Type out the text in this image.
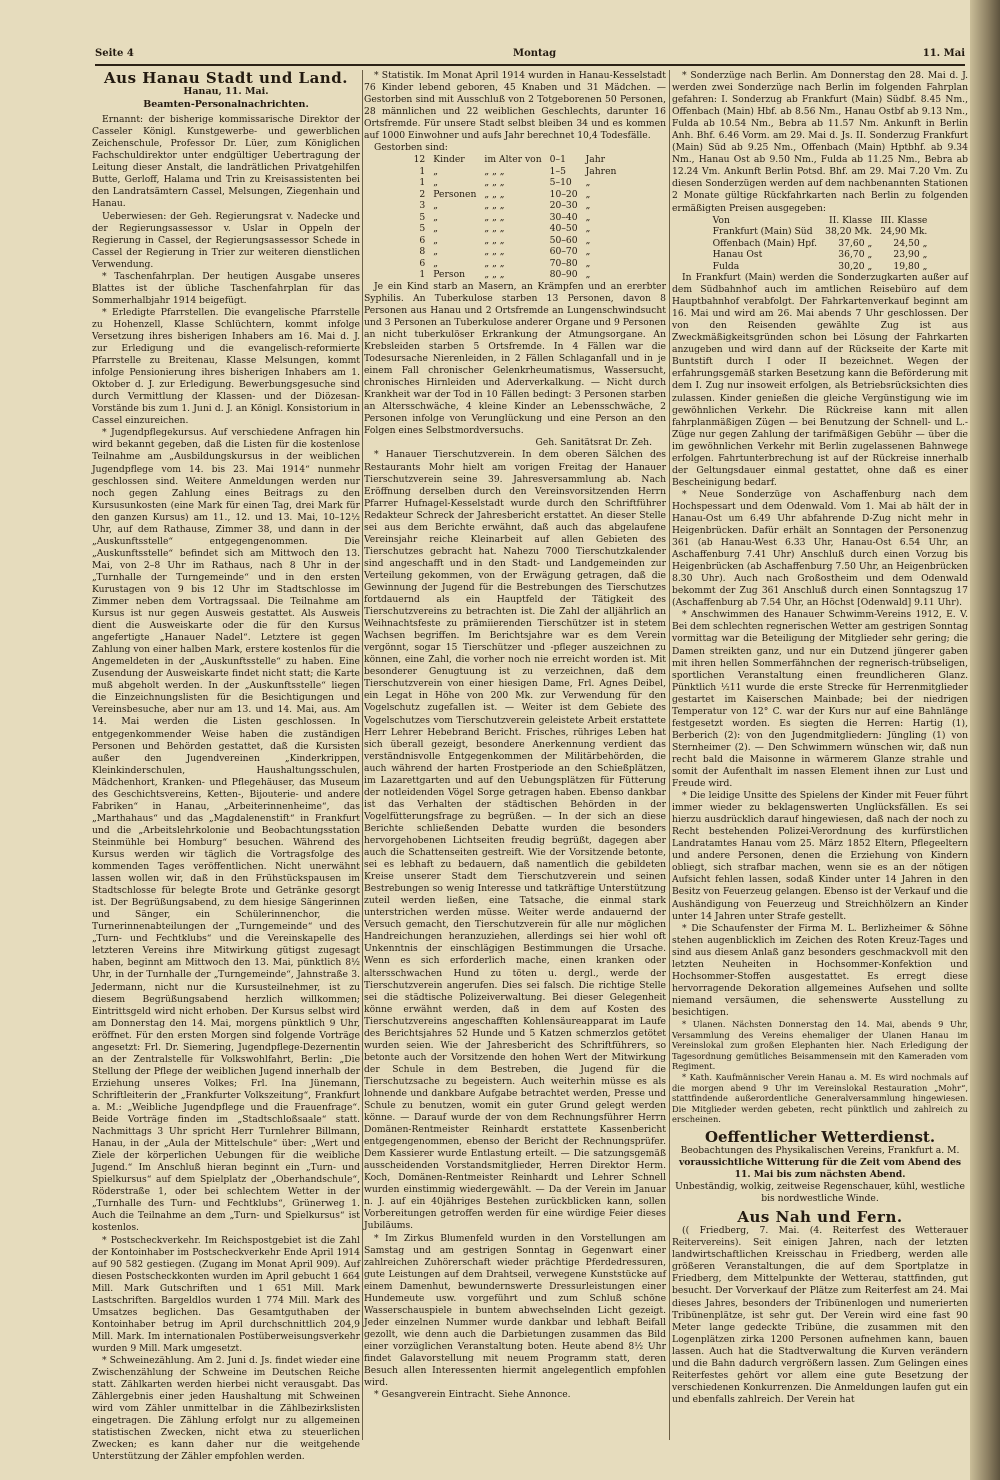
Seite 4	Montag	11. Mai
Aus Hanau Stadt und Land.
Hanau, 11. Mai.
Beamten-Personalnachrichten.

Ernannt: der bisherige kommissarische Direktor der Casseler Königl. Kunstgewerbe- und gewerblichen Zeichenschule, Professor Dr. Lüer, zum Königlichen Fachschuldirektor unter endgültiger Uebertragung der Leitung dieser Anstalt, die landrätlichen Privatgehilfen Butte, Gerloff, Halama und Trin zu Kreisassistenten bei den Landratsämtern Cassel, Melsungen, Ziegenhain und Hanau.

Ueberwiesen: der Geh. Regierungsrat v. Nadecke und der Regierungsassessor v. Uslar in Oppeln der Regierung in Cassel, der Regierungsassessor Schede in Cassel der Regierung in Trier zur weiteren dienstlichen Verwendung.

* Taschenfahrplan. Der heutigen Ausgabe unseres Blattes ist der übliche Taschenfahrplan für das Sommerhalbjahr 1914 beigefügt.

* Erledigte Pfarrstellen. Die evangelische Pfarrstelle zu Hohenzell, Klasse Schlüchtern, kommt infolge Versetzung ihres bisherigen Inhabers am 16. Mai d. J. zur Erledigung und die evangelisch-reformierte Pfarrstelle zu Breitenau, Klasse Melsungen, kommt infolge Pensionierung ihres bisherigen Inhabers am 1. Oktober d. J. zur Erledigung. Bewerbungsgesuche sind durch Vermittlung der Klassen- und der Diözesan-Vorstände bis zum 1. Juni d. J. an Königl. Konsistorium in Cassel einzureichen.

* Jugendpflegekursus. Auf verschiedene Anfragen hin wird bekannt gegeben, daß die Listen für die kostenlose Teilnahme am „Ausbildungskursus in der weiblichen Jugendpflege vom 14. bis 23. Mai 1914“ nunmehr geschlossen sind. Weitere Anmeldungen werden nur noch gegen Zahlung eines Beitrags zu den Kursusunkosten (eine Mark für einen Tag, drei Mark für den ganzen Kursus) am 11., 12. und 13. Mai, 10–12½ Uhr, auf dem Rathause, Zimmer 38, und dann in der „Auskunftsstelle“ entgegengenommen. Die „Auskunftsstelle“ befindet sich am Mittwoch den 13. Mai, von 2–8 Uhr im Rathaus, nach 8 Uhr in der „Turnhalle der Turngemeinde“ und in den ersten Kurustagen von 9 bis 12 Uhr im Stadtschlosse im Zimmer neben dem Vortragssaal. Die Teilnahme am Kursus ist nur gegen Ausweis gestattet. Als Ausweis dient die Ausweiskarte oder die für den Kursus angefertigte „Hanauer Nadel“. Letztere ist gegen Zahlung von einer halben Mark, erstere kostenlos für die Angemeldeten in der „Auskunftsstelle“ zu haben. Eine Zusendung der Ausweiskarte findet nicht statt; die Karte muß abgeholt werden. In der „Auskunftsstelle“ liegen die Einzeichnungslisten für die Besichtigungen und Vereinsbesuche, aber nur am 13. und 14. Mai, aus. Am 14. Mai werden die Listen geschlossen. In entgegenkommender Weise haben die zuständigen Personen und Behörden gestattet, daß die Kursisten außer den Jugendvereinen „Kinderkrippen, Kleinkinderschulen, Haushaltungsschulen, Mädchenhort, Kranken- und Pflegehäuser, das Museum des Geschichtsvereins, Ketten-, Bijouterie- und andere Fabriken“ in Hanau, „Arbeiterinnenheime“, das „Marthahaus“ und das „Magdalenenstift“ in Frankfurt und die „Arbeitslehrkolonie und Beobachtungsstation Steinmühle bei Homburg“ besuchen. Während des Kursus werden wir täglich die Vortragsfolge des kommenden Tages veröffentlichen. Nicht unerwähnt lassen wollen wir, daß in den Frühstückspausen im Stadtschlosse für belegte Brote und Getränke gesorgt ist. Der Begrüßungsabend, zu dem hiesige Sängerinnen und Sänger, ein Schülerinnenchor, die Turnerinnenabteilungen der „Turngemeinde“ und des „Turn- und Fechtklubs“ und die Vereinskapelle des letzteren Vereins ihre Mitwirkung gütigst zugesagt haben, beginnt am Mittwoch den 13. Mai, pünktlich 8½ Uhr, in der Turnhalle der „Turngemeinde“, Jahnstraße 3. Jedermann, nicht nur die Kursusteilnehmer, ist zu diesem Begrüßungsabend herzlich willkommen; Eintrittsgeld wird nicht erhoben. Der Kursus selbst wird am Donnerstag den 14. Mai, morgens pünktlich 9 Uhr, eröffnet. Für den ersten Morgen sind folgende Vorträge angesetzt: Frl. Dr. Siemering, Jugendpflege-Dezernentin an der Zentralstelle für Volkswohlfahrt, Berlin: „Die Stellung der Pflege der weiblichen Jugend innerhalb der Erziehung unseres Volkes; Frl. Ina Jünemann, Schriftleiterin der „Frankfurter Volkszeitung“, Frankfurt a. M.: „Weibliche Jugendpflege und die Frauenfrage“. Beide Vorträge finden im „Stadtschloßsaale“ statt. Nachmittags 3 Uhr spricht Herr Turnlehrer Billmann, Hanau, in der „Aula der Mittelschule“ über: „Wert und Ziele der körperlichen Uebungen für die weibliche Jugend.“ Im Anschluß hieran beginnt ein „Turn- und Spielkursus“ auf dem Spielplatz der „Oberhandschule“, Röderstraße 1, oder bei schlechtem Wetter in der „Turnhalle des Turn- und Fechtklubs“, Grünerweg 1. Auch die Teilnahme an dem „Turn- und Spielkursus“ ist kostenlos.

* Postscheckverkehr. Im Reichspostgebiet ist die Zahl der Kontoinhaber im Postscheckverkehr Ende April 1914 auf 90 582 gestiegen. (Zugang im Monat April 909). Auf diesen Postscheckkonten wurden im April gebucht 1 664 Mill. Mark Gutschriften und 1 651 Mill. Mark Lastschriften. Bargeldlos wurden 1 774 Mill. Mark des Umsatzes beglichen. Das Gesamtguthaben der Kontoinhaber betrug im April durchschnittlich 204,9 Mill. Mark. Im internationalen Postüberweisungsverkehr wurden 9 Mill. Mark umgesetzt.

* Schweinezählung. Am 2. Juni d. Js. findet wieder eine Zwischenzählung der Schweine im Deutschen Reiche statt. Zählkarten werden hierbei nicht verausgabt. Das Zählergebnis einer jeden Haushaltung mit Schweinen wird vom Zähler unmittelbar in die Zählbezirkslisten eingetragen. Die Zählung erfolgt nur zu allgemeinen statistischen Zwecken, nicht etwa zu steuerlichen Zwecken; es kann daher nur die weitgehende Unterstützung der Zähler empfohlen werden.

* Statistik. Im Monat April 1914 wurden in Hanau-Kesselstadt 76 Kinder lebend geboren, 45 Knaben und 31 Mädchen. — Gestorben sind mit Ausschluß von 2 Totgeborenen 50 Personen, 28 männlichen und 22 weiblichen Geschlechts, darunter 16 Ortsfremde. Für unsere Stadt selbst bleiben 34 und es kommen auf 1000 Einwohner und aufs Jahr berechnet 10,4 Todesfälle.

Gestorben sind:

12	Kinder	im Alter von	0–1	Jahr
1	„	„ „ „	1–5	Jahren
1	„	„ „ „	5–10	„
2	Personen	„ „ „	10–20	„
3	„	„ „ „	20–30	„
5	„	„ „ „	30–40	„
5	„	„ „ „	40–50	„
6	„	„ „ „	50–60	„
8	„	„ „ „	60–70	„
6	„	„ „ „	70–80	„
1	Person	„ „ „	80–90	„

Je ein Kind starb an Masern, an Krämpfen und an ererbter Syphilis. An Tuberkulose starben 13 Personen, davon 8 Personen aus Hanau und 2 Ortsfremde an Lungenschwindsucht und 3 Personen an Tuberkulose anderer Organe und 9 Personen an nicht tuberkulöser Erkrankung der Atmungsorgane. An Krebsleiden starben 5 Ortsfremde. In 4 Fällen war die Todesursache Nierenleiden, in 2 Fällen Schlaganfall und in je einem Fall chronischer Gelenkrheumatismus, Wassersucht, chronisches Hirnleiden und Aderverkalkung. — Nicht durch Krankheit war der Tod in 10 Fällen bedingt: 3 Personen starben an Altersschwäche, 4 kleine Kinder an Lebensschwäche, 2 Personen infolge von Verunglückung und eine Person an den Folgen eines Selbstmordversuchs.

Geh. Sanitätsrat Dr. Zeh.

* Hanauer Tierschutzverein. In dem oberen Sälchen des Restaurants Mohr hielt am vorigen Freitag der Hanauer Tierschutzverein seine 39. Jahresversammlung ab. Nach Eröffnung derselben durch den Vereinsvorsitzenden Herrn Pfarrer Hufnagel-Kesselstadt wurde durch den Schriftführer Redakteur Schreck der Jahresbericht erstattet. An dieser Stelle sei aus dem Berichte erwähnt, daß auch das abgelaufene Vereinsjahr reiche Kleinarbeit auf allen Gebieten des Tierschutzes gebracht hat. Nahezu 7000 Tierschutzkalender sind angeschafft und in den Stadt- und Landgemeinden zur Verteilung gekommen, von der Erwägung getragen, daß die Gewinnung der Jugend für die Bestrebungen des Tierschutzes fortdauernd als ein Hauptfeld der Tätigkeit des Tierschutzvereins zu betrachten ist. Die Zahl der alljährlich an Weihnachtsfeste zu prämiierenden Tierschützer ist in stetem Wachsen begriffen. Im Berichtsjahre war es dem Verein vergönnt, sogar 15 Tierschützer und -pfleger auszeichnen zu können, eine Zahl, die vorher noch nie erreicht worden ist. Mit besonderer Genugtuung ist zu verzeichnen, daß dem Tierschutzverein von einer hiesigen Dame, Frl. Agnes Deibel, ein Legat in Höhe von 200 Mk. zur Verwendung für den Vogelschutz zugefallen ist. — Weiter ist dem Gebiete des Vogelschutzes vom Tierschutzverein geleistete Arbeit erstattete Herr Lehrer Hebebrand Bericht. Frisches, rühriges Leben hat sich überall gezeigt, besondere Anerkennung verdient das verständnisvolle Entgegenkommen der Militärbehörden, die auch während der harten Frostperiode an den Schießplätzen, im Lazarettgarten und auf den Uebungsplätzen für Fütterung der notleidenden Vögel Sorge getragen haben. Ebenso dankbar ist das Verhalten der städtischen Behörden in der Vogelfütterungsfrage zu begrüßen. — In der sich an diese Berichte schließenden Debatte wurden die besonders hervorgehobenen Lichtseiten freudig begrüßt, dagegen aber auch die Schattenseiten gestreift. Wie der Vorsitzende betonte, sei es lebhaft zu bedauern, daß namentlich die gebildeten Kreise unserer Stadt dem Tierschutzverein und seinen Bestrebungen so wenig Interesse und tatkräftige Unterstützung zuteil werden ließen, eine Tatsache, die einmal stark unterstrichen werden müsse. Weiter werde andauernd der Versuch gemacht, den Tierschutzverein für alle nur möglichen Handreichungen heranzuziehen, allerdings sei hier wohl oft Unkenntnis der einschlägigen Bestimmungen die Ursache. Wenn es sich erforderlich mache, einen kranken oder altersschwachen Hund zu töten u. dergl., werde der Tierschutzverein angerufen. Dies sei falsch. Die richtige Stelle sei die städtische Polizeiverwaltung. Bei dieser Gelegenheit könne erwähnt werden, daß in dem auf Kosten des Tierschutzvereins angeschafften Kohlensäureapparat im Laufe des Berichtsjahres 52 Hunde und 5 Katzen schmerzlos getötet wurden seien. Wie der Jahresbericht des Schriftführers, so betonte auch der Vorsitzende den hohen Wert der Mitwirkung der Schule in dem Bestreben, die Jugend für die Tierschutzsache zu begeistern. Auch weiterhin müsse es als lohnende und dankbare Aufgabe betrachtet werden, Presse und Schule zu benutzen, womit ein guter Grund gelegt werden könne. — Darauf wurde der von dem Rechnungsführer Herrn Domänen-Rentmeister Reinhardt erstattete Kassenbericht entgegengenommen, ebenso der Bericht der Rechnungsprüfer. Dem Kassierer wurde Entlastung erteilt. — Die satzungsgemäß ausscheidenden Vorstandsmitglieder, Herren Direktor Herm. Koch, Domänen-Rentmeister Reinhardt und Lehrer Schnell wurden einstimmig wiedergewählt. — Da der Verein im Januar n. J. auf ein 40jähriges Bestehen zurückblicken kann, sollen Vorbereitungen getroffen werden für eine würdige Feier dieses Jubiläums.

* Im Zirkus Blumenfeld wurden in den Vorstellungen am Samstag und am gestrigen Sonntag in Gegenwart einer zahlreichen Zuhörerschaft wieder prächtige Pferdedressuren, gute Leistungen auf dem Drahtseil, verwegene Kunststücke auf einem Damenhut, bewundernswerte Dressurleistungen einer Hundemeute usw. vorgeführt und zum Schluß schöne Wasserschauspiele in buntem abwechselnden Licht gezeigt. Jeder einzelnen Nummer wurde dankbar und lebhaft Beifall gezollt, wie denn auch die Darbietungen zusammen das Bild einer vorzüglichen Veranstaltung boten. Heute abend 8½ Uhr findet Galavorstellung mit neuem Programm statt, deren Besuch allen Interessenten hiermit angelegentlich empfohlen wird.

* Gesangverein Eintracht. Siehe Annonce.

* Sonderzüge nach Berlin. Am Donnerstag den 28. Mai d. J. werden zwei Sonderzüge nach Berlin im folgenden Fahrplan gefahren: I. Sonderzug ab Frankfurt (Main) Südbf. 8.45 Nm., Offenbach (Main) Hbf. ab 8.56 Nm., Hanau Ostbf ab 9.13 Nm., Fulda ab 10.54 Nm., Bebra ab 11.57 Nm. Ankunft in Berlin Anh. Bhf. 6.46 Vorm. am 29. Mai d. Js. II. Sonderzug Frankfurt (Main) Süd ab 9.25 Nm., Offenbach (Main) Hptbhf. ab 9.34 Nm., Hanau Ost ab 9.50 Nm., Fulda ab 11.25 Nm., Bebra ab 12.24 Vm. Ankunft Berlin Potsd. Bhf. am 29. Mai 7.20 Vm. Zu diesen Sonderzügen werden auf dem nachbenannten Stationen 2 Monate gültige Rückfahrkarten nach Berlin zu folgenden ermäßigten Preisen ausgegeben:

Von	II. Klasse	III. Klasse
Frankfurt (Main) Süd	38,20 Mk.	24,90 Mk.
Offenbach (Main) Hpf.	37,60 „	24,50 „
Hanau Ost	36,70 „	23,90 „
Fulda	30,20 „	19,80 „

In Frankfurt (Main) werden die Sonderzugkarten außer auf dem Südbahnhof auch im amtlichen Reisebüro auf dem Hauptbahnhof verabfolgt. Der Fahrkartenverkauf beginnt am 16. Mai und wird am 26. Mai abends 7 Uhr geschlossen. Der von den Reisenden gewählte Zug ist aus Zweckmäßigkeitsgründen schon bei Lösung der Fahrkarten anzugeben und wird dann auf der Rückseite der Karte mit Buntstift durch I oder II bezeichnet. Wegen der erfahrungsgemäß starken Besetzung kann die Beförderung mit dem I. Zug nur insoweit erfolgen, als Betriebsrücksichten dies zulassen. Kinder genießen die gleiche Vergünstigung wie im gewöhnlichen Verkehr. Die Rückreise kann mit allen fahrplanmäßigen Zügen — bei Benutzung der Schnell- und L.-Züge nur gegen Zahlung der tarifmäßigen Gebühr — über die im gewöhnlichen Verkehr mit Berlin zugelassenen Bahnwege erfolgen. Fahrtunterbrechung ist auf der Rückreise innerhalb der Geltungsdauer einmal gestattet, ohne daß es einer Bescheinigung bedarf.

* Neue Sonderzüge von Aschaffenburg nach dem Hochspessart und dem Odenwald. Vom 1. Mai ab hält der in Hanau-Ost um 6.49 Uhr abfahrende D-Zug nicht mehr in Heigenbrücken. Dafür erhält an Sonntagen der Personenzug 361 (ab Hanau-West 6.33 Uhr, Hanau-Ost 6.54 Uhr, an Aschaffenburg 7.41 Uhr) Anschluß durch einen Vorzug bis Heigenbrücken (ab Aschaffenburg 7.50 Uhr, an Heigenbrücken 8.30 Uhr). Auch nach Großostheim und dem Odenwald bekommt der Zug 361 Anschluß durch einen Sonntagszug 17 (Aschaffenburg ab 7.54 Uhr, an Höchst [Odenwald] 9.11 Uhr).

* Anschwimmen des Hanauer Schwimm-Vereins 1912, E. V. Bei dem schlechten regnerischen Wetter am gestrigen Sonntag vormittag war die Beteiligung der Mitglieder sehr gering; die Damen streikten ganz, und nur ein Dutzend jüngerer gaben mit ihren hellen Sommerfähnchen der regnerisch-trübseligen, sportlichen Veranstaltung einen freundlicheren Glanz. Pünktlich ½11 wurde die erste Strecke für Herrenmitglieder gestartet im Kaiserschen Mainbade; bei der niedrigen Temperatur von 12° C. war der Kurs nur auf eine Bahnlänge festgesetzt worden. Es siegten die Herren: Hartig (1), Berberich (2): von den Jugendmitgliedern: Jüngling (1) von Sternheimer (2). — Den Schwimmern wünschen wir, daß nun recht bald die Maisonne in wärmerem Glanze strahle und somit der Aufenthalt im nassen Element ihnen zur Lust und Freude wird.

* Die leidige Unsitte des Spielens der Kinder mit Feuer führt immer wieder zu beklagenswerten Unglücksfällen. Es sei hierzu ausdrücklich darauf hingewiesen, daß nach der noch zu Recht bestehenden Polizei-Verordnung des kurfürstlichen Landratamtes Hanau vom 25. März 1852 Eltern, Pflegeeltern und andere Personen, denen die Erziehung von Kindern obliegt, sich strafbar machen, wenn sie es an der nötigen Aufsicht fehlen lassen, sodaß Kinder unter 14 Jahren in den Besitz von Feuerzeug gelangen. Ebenso ist der Verkauf und die Aushändigung von Feuerzeug und Streichhölzern an Kinder unter 14 Jahren unter Strafe gestellt.

* Die Schaufenster der Firma M. L. Berlizheimer & Söhne stehen augenblicklich im Zeichen des Roten Kreuz-Tages und sind aus diesem Anlaß ganz besonders geschmackvoll mit den letzten Neuheiten in Hochsommer-Konfektion und Hochsommer-Stoffen ausgestattet. Es erregt diese hervorragende Dekoration allgemeines Aufsehen und sollte niemand versäumen, die sehenswerte Ausstellung zu besichtigen.

* Ulanen. Nächsten Donnerstag den 14. Mai, abends 9 Uhr, Versammlung des Vereins ehemaliger der Ulanen Hanau im Vereinslokal zum großen Elephanten hier. Nach Erledigung der Tagesordnung gemütliches Beisammensein mit den Kameraden vom Regiment.

* Kath. Kaufmännischer Verein Hanau a. M. Es wird nochmals auf die morgen abend 9 Uhr im Vereinslokal Restauration „Mohr“, stattfindende außerordentliche Generalversammlung hingewiesen. Die Mitglieder werden gebeten, recht pünktlich und zahlreich zu erscheinen.

Oeffentlicher Wetterdienst.
Beobachtungen des Physikalischen Vereins, Frankfurt a. M.
voraussichtliche Witterung für die Zeit vom Abend des 11. Mai bis zum nächsten Abend.
Unbeständig, wolkig, zeitweise Regenschauer, kühl, westliche bis nordwestliche Winde.
Aus Nah und Fern.

(( Friedberg, 7. Mai. (4. Reiterfest des Wetterauer Reitervereins). Seit einigen Jahren, nach der letzten landwirtschaftlichen Kreisschau in Friedberg, werden alle größeren Veranstaltungen, die auf dem Sportplatze in Friedberg, dem Mittelpunkte der Wetterau, stattfinden, gut besucht. Der Vorverkauf der Plätze zum Reiterfest am 24. Mai dieses Jahres, besonders der Tribünenlogen und numerierten Tribünenplätze, ist sehr gut. Der Verein wird eine fast 90 Meter lange gedeckte Tribüne, die zusammen mit den Logenplätzen zirka 1200 Personen aufnehmen kann, bauen lassen. Auch hat die Stadtverwaltung die Kurven verändern und die Bahn dadurch vergrößern lassen. Zum Gelingen eines Reiterfestes gehört vor allem eine gute Besetzung der verschiedenen Konkurrenzen. Die Anmeldungen laufen gut ein und ebenfalls zahlreich. Der Verein hat
